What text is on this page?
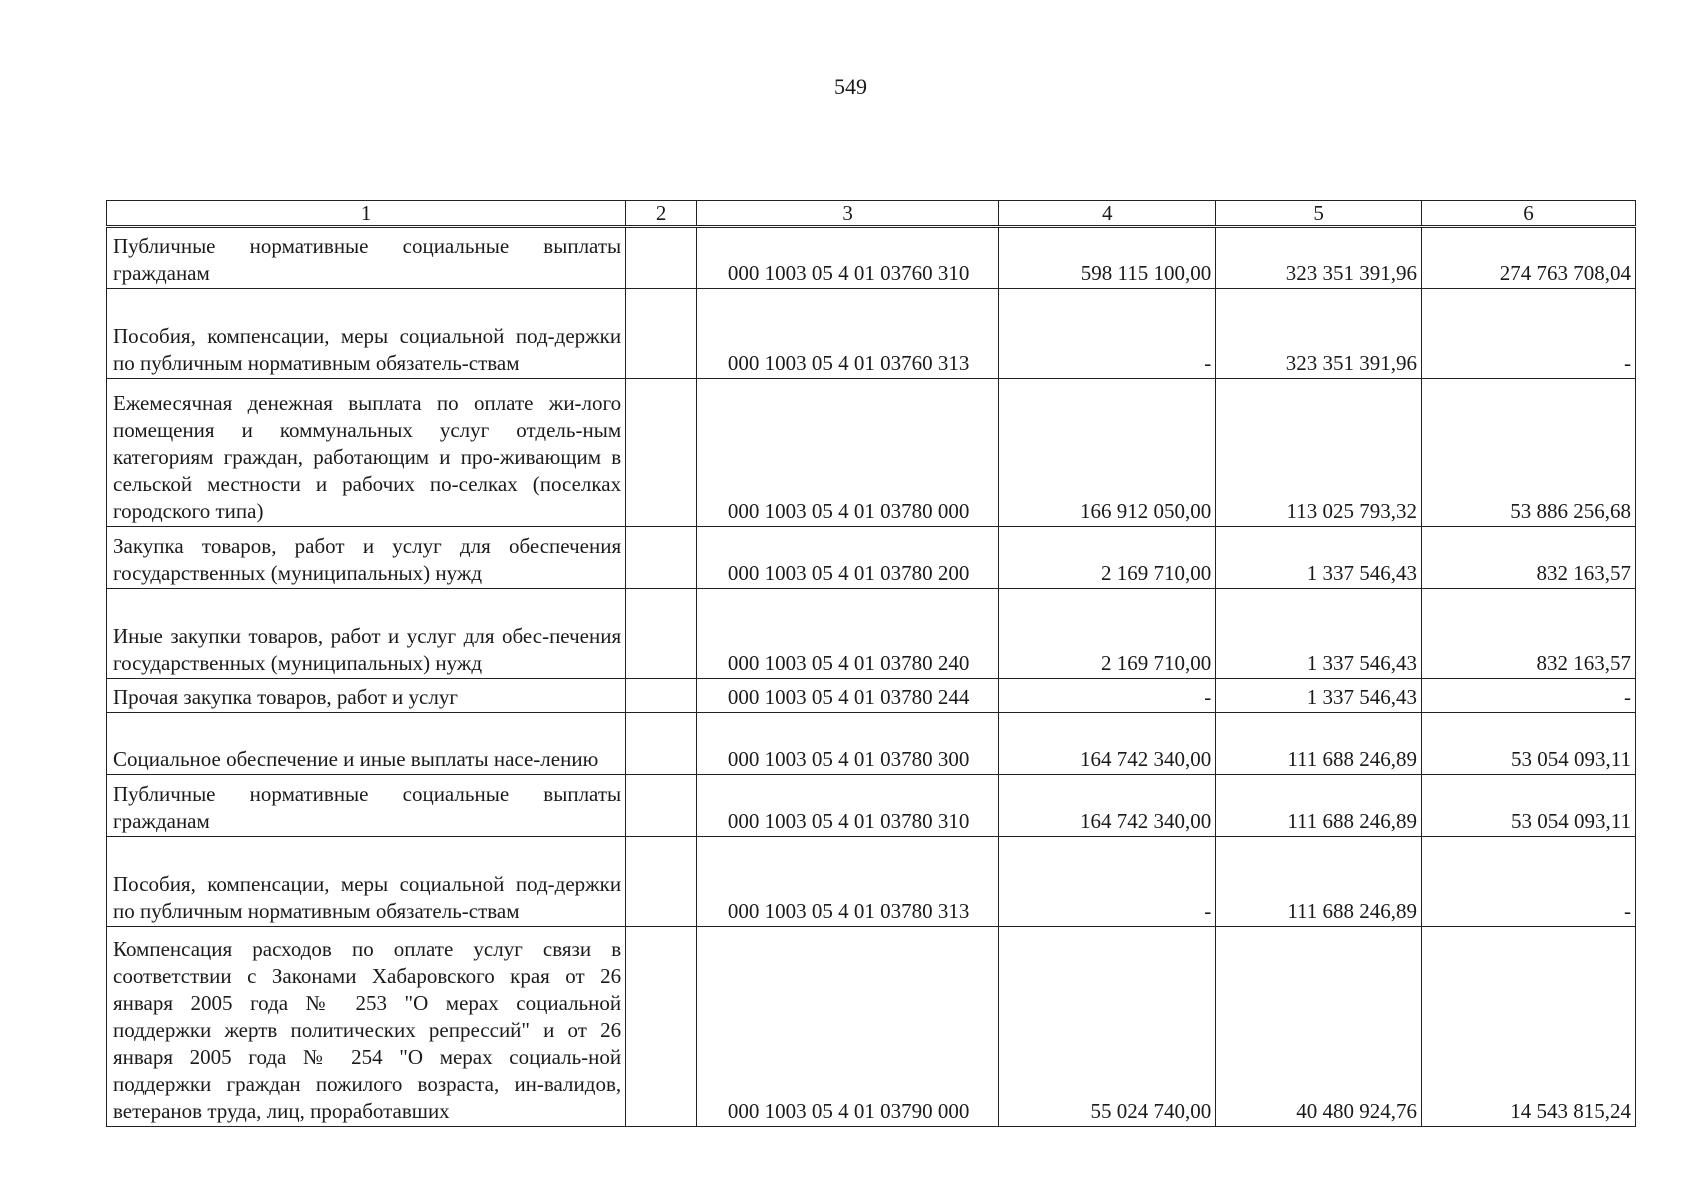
549
1	2	3	4	5	6
Публичные нормативные социальные выплаты гражданам		000 1003 05 4 01 03760 310	598 115 100,00	323 351 391,96	274 763 708,04
Пособия, компенсации, меры социальной под-держки по публичным нормативным обязатель-ствам		000 1003 05 4 01 03760 313	-	323 351 391,96	-
Ежемесячная денежная выплата по оплате жи-лого помещения и коммунальных услуг отдель-ным категориям граждан, работающим и про-живающим в сельской местности и рабочих по-селках (поселках городского типа)		000 1003 05 4 01 03780 000	166 912 050,00	113 025 793,32	53 886 256,68
Закупка товаров, работ и услуг для обеспечения государственных (муниципальных) нужд		000 1003 05 4 01 03780 200	2 169 710,00	1 337 546,43	832 163,57
Иные закупки товаров, работ и услуг для обес-печения государственных (муниципальных) нужд		000 1003 05 4 01 03780 240	2 169 710,00	1 337 546,43	832 163,57
Прочая закупка товаров, работ и услуг		000 1003 05 4 01 03780 244	-	1 337 546,43	-
Социальное обеспечение и иные выплаты насе-лению		000 1003 05 4 01 03780 300	164 742 340,00	111 688 246,89	53 054 093,11
Публичные нормативные социальные выплаты гражданам		000 1003 05 4 01 03780 310	164 742 340,00	111 688 246,89	53 054 093,11
Пособия, компенсации, меры социальной под-держки по публичным нормативным обязатель-ствам		000 1003 05 4 01 03780 313	-	111 688 246,89	-
Компенсация расходов по оплате услуг связи в соответствии с Законами Хабаровского края от 26 января 2005 года № 253 "О мерах социальной поддержки жертв политических репрессий" и от 26 января 2005 года № 254 "О мерах социаль-ной поддержки граждан пожилого возраста, ин-валидов, ветеранов труда, лиц, проработавших		000 1003 05 4 01 03790 000	55 024 740,00	40 480 924,76	14 543 815,24
